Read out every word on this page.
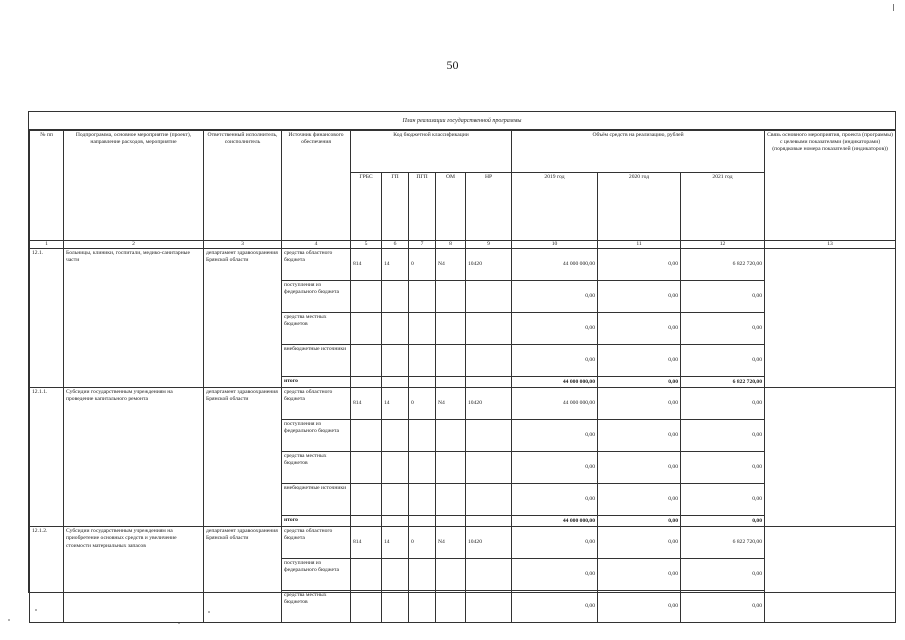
50
План реализации государственной программы
№ пп	Подпрограмма, основное мероприятие (проект), направление расходов, мероприятие	Ответственный исполнитель, соисполнитель	Источник финансового обеспечения	Код бюджетной классификации					Объём средств на реализацию, рублей			Связь основного мероприятия, проекта (программы) с целевыми показателями (индикаторами) (порядковые номера показателей (индикаторов))
				ГРБС	ГП	ПГП	ОМ	НР	2019 год	2020 год	2021 год	
1	2	3	4	5	6	7	8	9	10	11	12	13
12.1.	Больницы, клиники, госпитали, медико-санитарные части	департамент здравоохранения Брянской области	средства областного бюджета	814	14	0	N4	10420	44 000 000,00	0,00	6 822 720,00	
			поступления из федерального бюджета						0,00	0,00	0,00	
			средства местных бюджетов						0,00	0,00	0,00	
			внебюджетные источники						0,00	0,00	0,00	
			итого						44 000 000,00	0,00	6 822 720,00	
12.1.1.	Субсидии государственным учреждениям на проведение капитального ремонта	департамент здравоохранения Брянской области	средства областного бюджета	814	14	0	N4	10420	44 000 000,00	0,00	0,00	
			поступления из федерального бюджета						0,00	0,00	0,00	
			средства местных бюджетов						0,00	0,00	0,00	
			внебюджетные источники						0,00	0,00	0,00	
			итого						44 000 000,00	0,00	0,00	
12.1.2.	Субсидии государственным учреждениям на приобретение основных средств и увеличение стоимости материальных запасов	департамент здравоохранения Брянской области	средства областного бюджета	814	14	0	N4	10420	0,00	0,00	6 822 720,00	
			поступления из федерального бюджета						0,00	0,00	0,00	
			средства местных бюджетов						0,00	0,00	0,00	
